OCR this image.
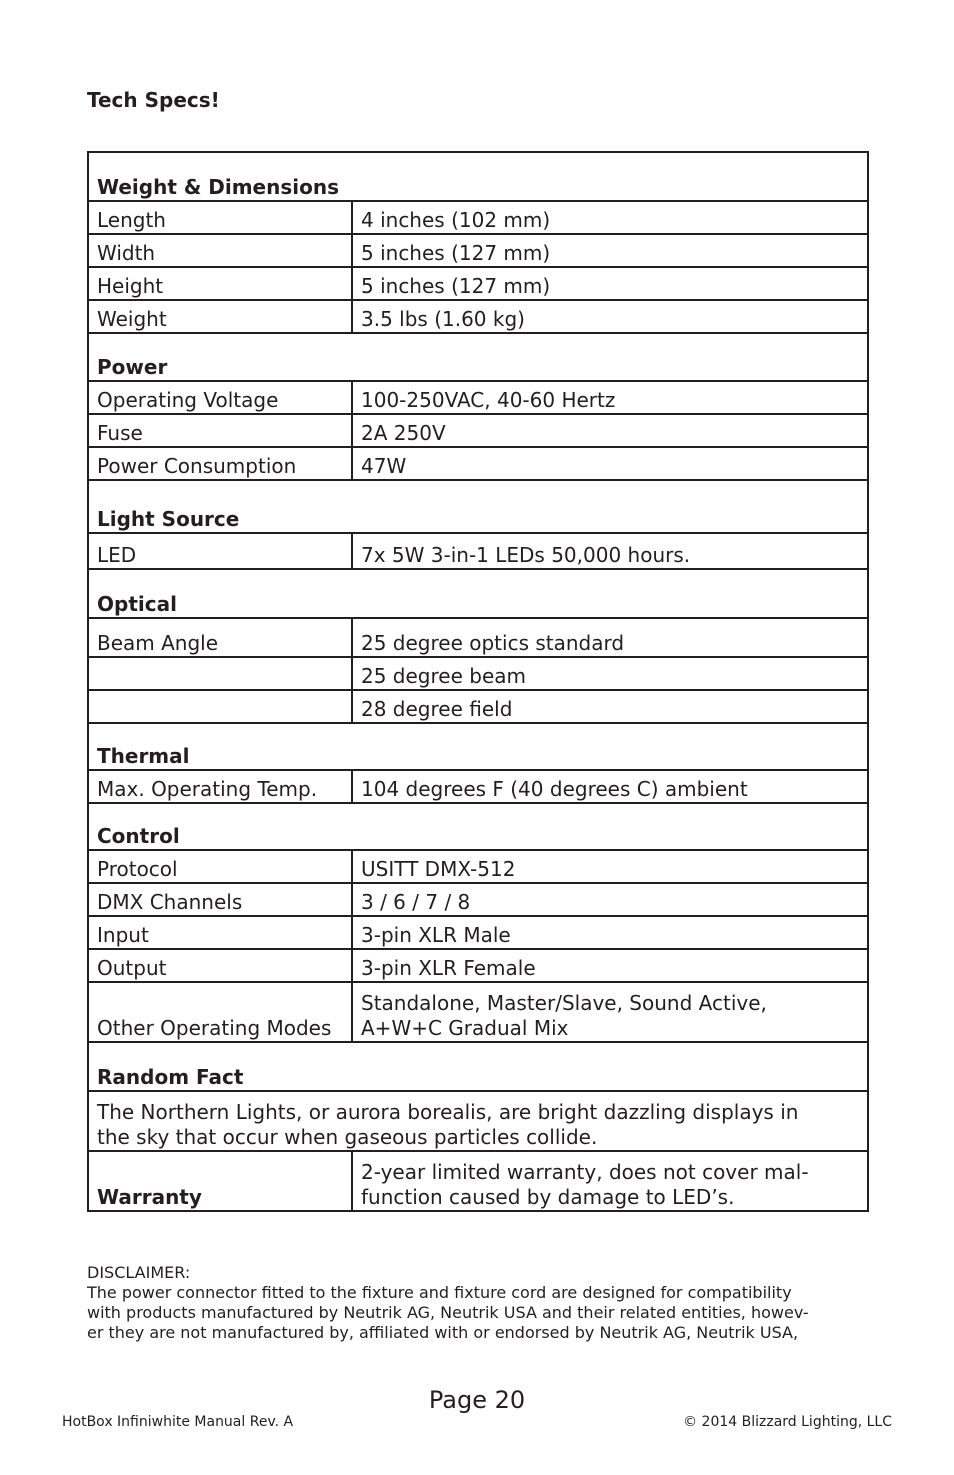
Tech Specs!
Weight & Dimensions	
Length	4 inches (102 mm)
Width	5 inches (127 mm)
Height	5 inches (127 mm)
Weight	3.5 lbs (1.60 kg)
Power	
Operating Voltage	100-250VAC, 40-60 Hertz
Fuse	2A 250V
Power Consumption	47W
Light Source	
LED	7x 5W 3-in-1 LEDs 50,000 hours.
Optical	
Beam Angle	25 degree optics standard
	25 degree beam
	28 degree field
Thermal	
Max. Operating Temp.	104 degrees F (40 degrees C) ambient
Control	
Protocol	USITT DMX-512
DMX Channels	3 / 6 / 7 / 8
Input	3-pin XLR Male
Output	3-pin XLR Female
Other Operating Modes	Standalone, Master/Slave, Sound Active,
A+W+C Gradual Mix

Random Fact	

The Northern Lights, or aurora borealis, are bright dazzling displays in
the sky that occur when gaseous particles collide.	

Warranty	2-year limited warranty, does not cover mal-
function caused by damage to LED’s.
DISCLAIMER:
The power connector fitted to the fixture and fixture cord are designed for compatibility
with products manufactured by Neutrik AG, Neutrik USA and their related entities, howev-
er they are not manufactured by, affiliated with or endorsed by Neutrik AG, Neutrik USA,
Page 20
HotBox Infiniwhite Manual Rev. A	© 2014 Blizzard Lighting, LLC
